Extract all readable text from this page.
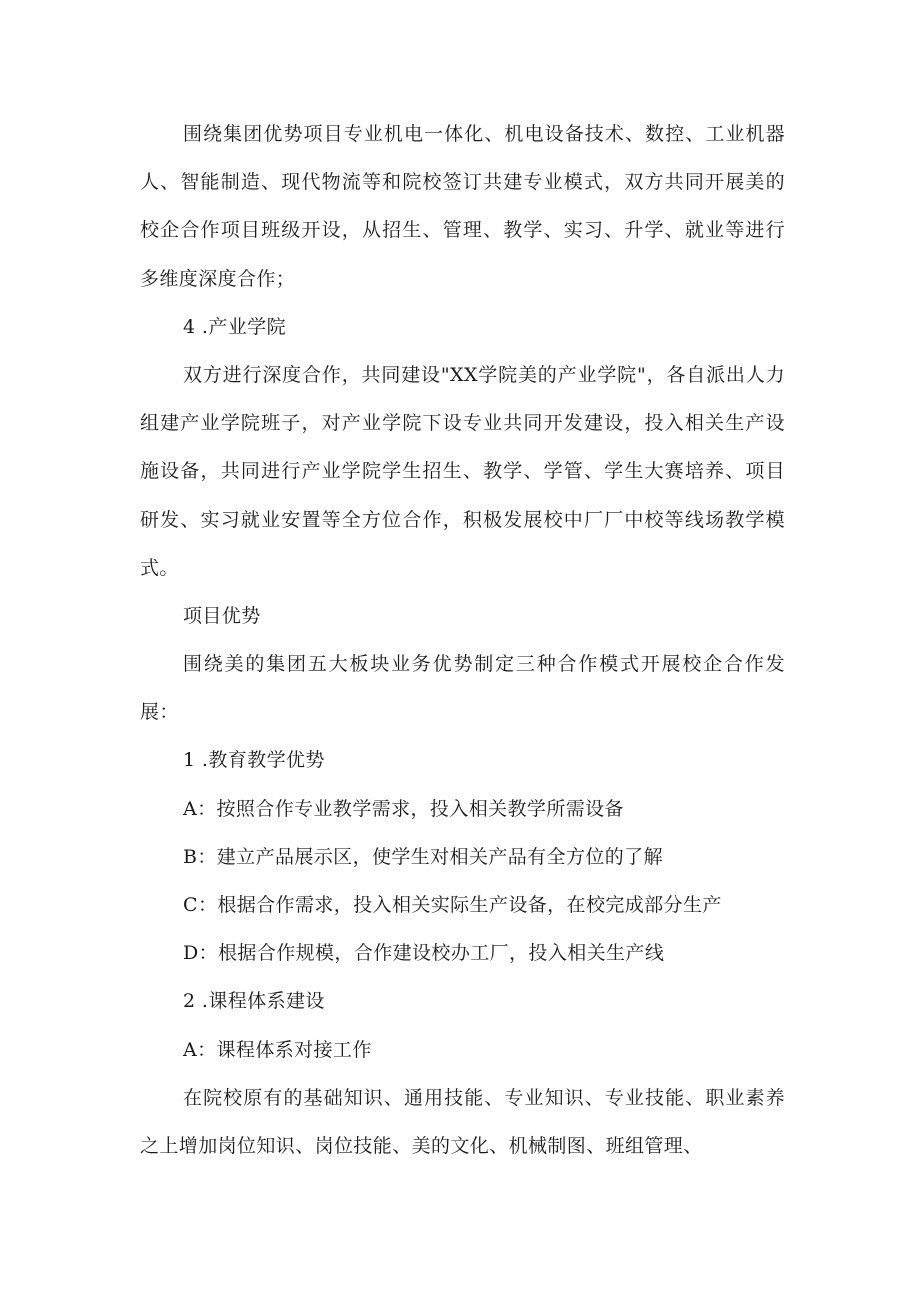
围绕集团优势项目专业机电一体化、机电设备技术、数控、工业机器
人、智能制造、现代物流等和院校签订共建专业模式，双方共同开展美的
校企合作项目班级开设，从招生、管理、教学、实习、升学、就业等进行
多维度深度合作；
4 .产业学院
双方进行深度合作，共同建设"XX学院美的产业学院"，各自派出人力
组建产业学院班子，对产业学院下设专业共同开发建设，投入相关生产设
施设备，共同进行产业学院学生招生、教学、学管、学生大赛培养、项目
研发、实习就业安置等全方位合作，积极发展校中厂厂中校等线场教学模
式。
项目优势
围绕美的集团五大板块业务优势制定三种合作模式开展校企合作发
展：
1 .教育教学优势
A：按照合作专业教学需求，投入相关教学所需设备
B：建立产品展示区，使学生对相关产品有全方位的了解
C：根据合作需求，投入相关实际生产设备，在校完成部分生产
D：根据合作规模，合作建设校办工厂，投入相关生产线
2 .课程体系建设
A：课程体系对接工作
在院校原有的基础知识、通用技能、专业知识、专业技能、职业素养
之上增加岗位知识、岗位技能、美的文化、机械制图、班组管理、
